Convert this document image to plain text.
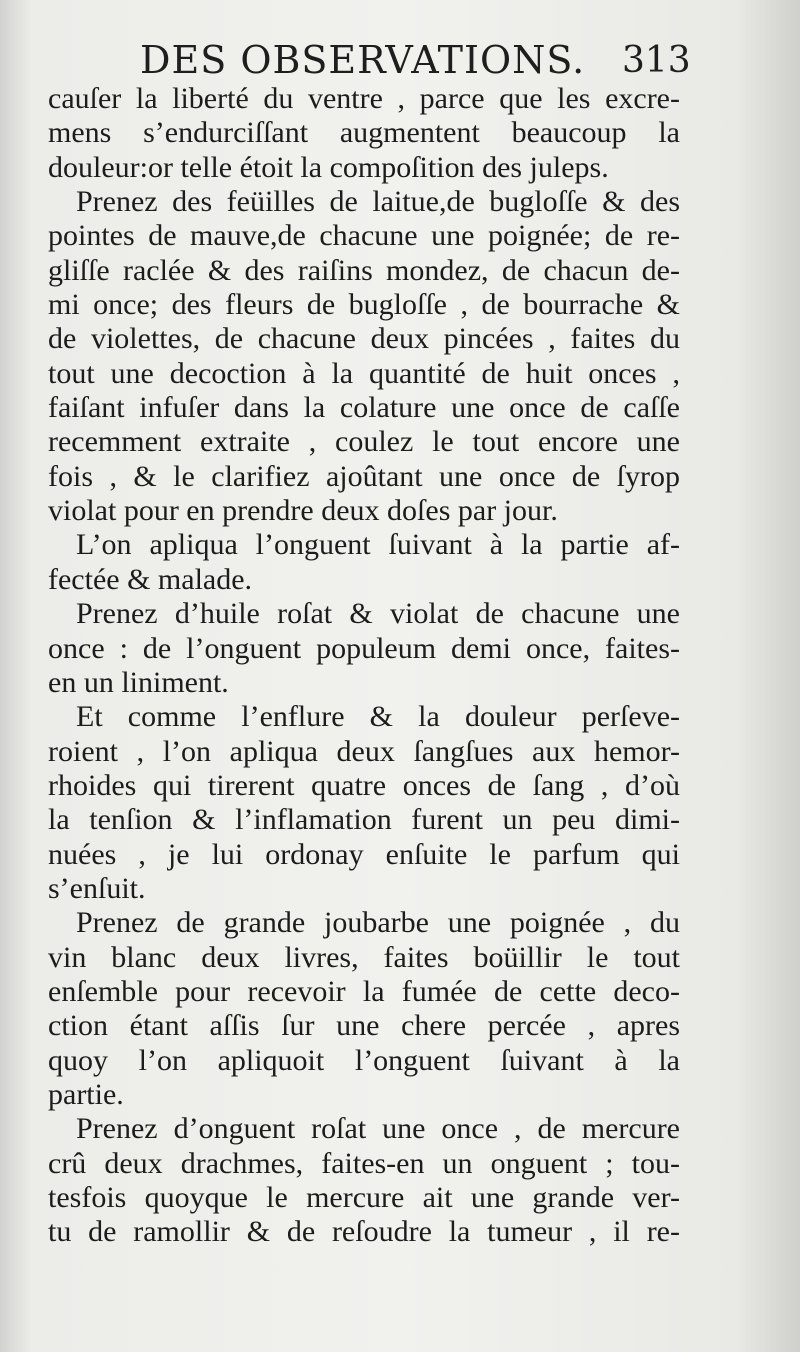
DES OBSERVATIONS. 313
cauſer la liberté du ventre , parce que les excre-
mens s’endurciſſant augmentent beaucoup la
douleur:or telle étoit la compoſition des juleps.
Prenez des feüilles de laitue,de bugloſſe & des
pointes de mauve,de chacune une poignée; de re-
gliſſe raclée & des raiſins mondez, de chacun de-
mi once; des fleurs de bugloſſe , de bourrache &
de violettes, de chacune deux pincées , faites du
tout une decoction à la quantité de huit onces ,
faiſant infuſer dans la colature une once de caſſe
recemment extraite , coulez le tout encore une
fois , & le clarifiez ajoûtant une once de ſyrop
violat pour en prendre deux doſes par jour.
L’on apliqua l’onguent ſuivant à la partie af-
fectée & malade.
Prenez d’huile roſat & violat de chacune une
once : de l’onguent populeum demi once, faites-
en un liniment.
Et comme l’enflure & la douleur perſeve-
roient , l’on apliqua deux ſangſues aux hemor-
rhoides qui tirerent quatre onces de ſang , d’où
la tenſion & l’inflamation furent un peu dimi-
nuées , je lui ordonay enſuite le parfum qui
s’enſuit.
Prenez de grande joubarbe une poignée , du
vin blanc deux livres, faites boüillir le tout
enſemble pour recevoir la fumée de cette deco-
ction étant aſſis ſur une chere percée , apres
quoy l’on apliquoit l’onguent ſuivant à la
partie.
Prenez d’onguent roſat une once , de mercure
crû deux drachmes, faites-en un onguent ; tou-
tesfois quoyque le mercure ait une grande ver-
tu de ramollir & de reſoudre la tumeur , il re-
